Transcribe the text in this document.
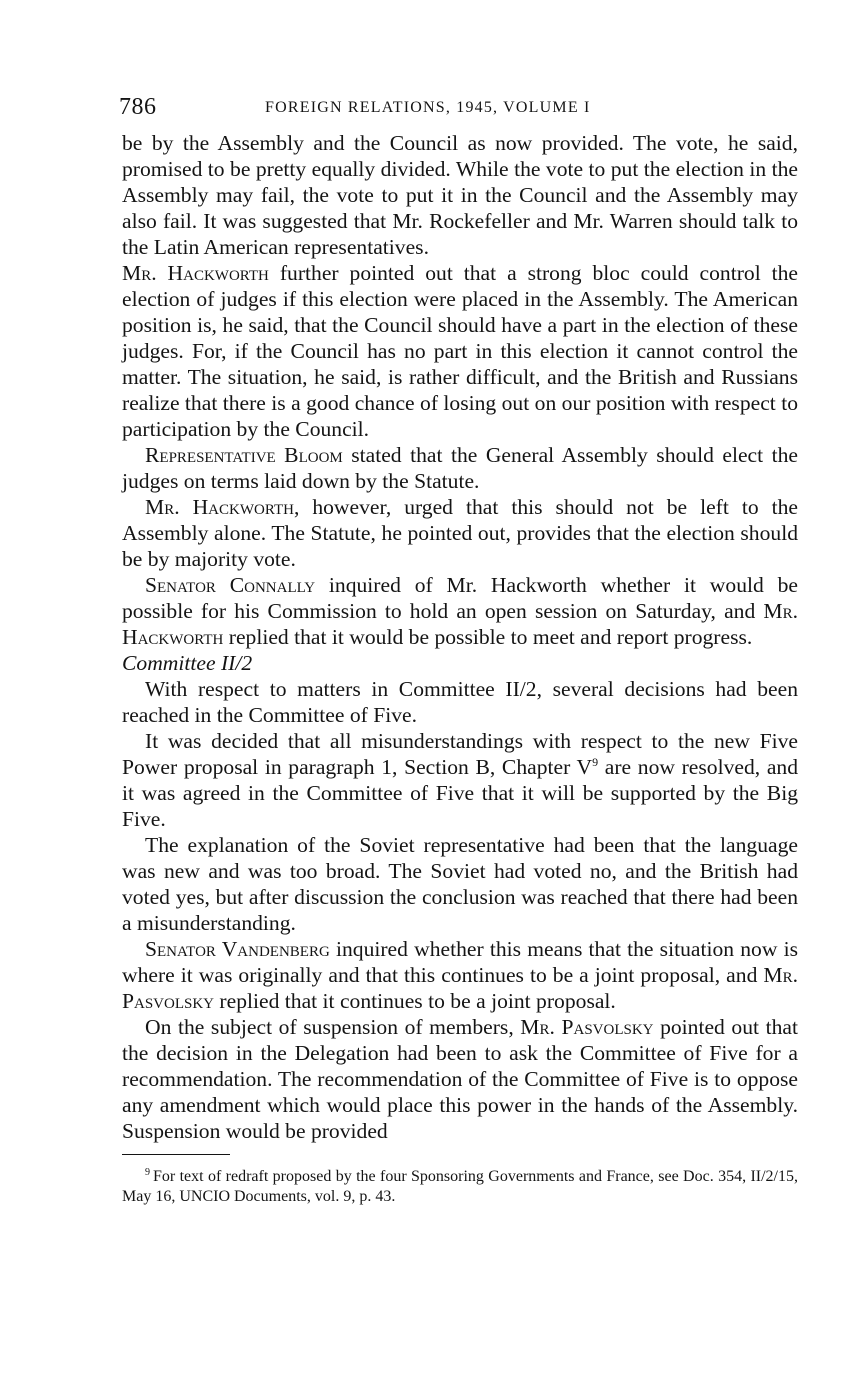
786	FOREIGN RELATIONS, 1945, VOLUME I

be by the Assembly and the Council as now provided. The vote, he said, promised to be pretty equally divided. While the vote to put the election in the Assembly may fail, the vote to put it in the Council and the Assembly may also fail. It was suggested that Mr. Rockefeller and Mr. Warren should talk to the Latin American representatives.

Mr. Hackworth further pointed out that a strong bloc could control the election of judges if this election were placed in the Assembly. The American position is, he said, that the Council should have a part in the election of these judges. For, if the Council has no part in this election it cannot control the matter. The situation, he said, is rather difficult, and the British and Russians realize that there is a good chance of losing out on our position with respect to participation by the Council.

Representative Bloom stated that the General Assembly should elect the judges on terms laid down by the Statute.

Mr. Hackworth, however, urged that this should not be left to the Assembly alone. The Statute, he pointed out, provides that the election should be by majority vote.

Senator Connally inquired of Mr. Hackworth whether it would be possible for his Commission to hold an open session on Saturday, and Mr. Hackworth replied that it would be possible to meet and report progress.

Committee II/2

With respect to matters in Committee II/2, several decisions had been reached in the Committee of Five.

It was decided that all misunderstandings with respect to the new Five Power proposal in paragraph 1, Section B, Chapter V$^9$ are now resolved, and it was agreed in the Committee of Five that it will be supported by the Big Five.

The explanation of the Soviet representative had been that the language was new and was too broad. The Soviet had voted no, and the British had voted yes, but after discussion the conclusion was reached that there had been a misunderstanding.

Senator Vandenberg inquired whether this means that the situation now is where it was originally and that this continues to be a joint proposal, and Mr. Pasvolsky replied that it continues to be a joint proposal.

On the subject of suspension of members, Mr. Pasvolsky pointed out that the decision in the Delegation had been to ask the Committee of Five for a recommendation. The recommendation of the Committee of Five is to oppose any amendment which would place this power in the hands of the Assembly. Suspension would be provided

$^9$ For text of redraft proposed by the four Sponsoring Governments and France, see Doc. 354, II/2/15, May 16, UNCIO Documents, vol. 9, p. 43.
